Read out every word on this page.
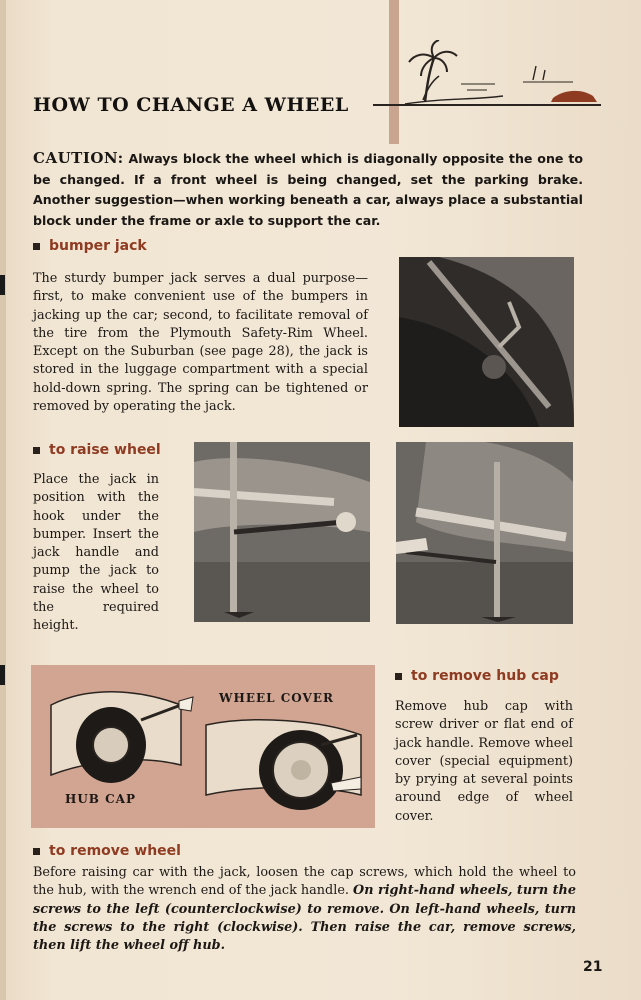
HOW TO CHANGE A WHEEL

CAUTION: Always block the wheel which is diagonally opposite the one to be changed. If a front wheel is being changed, set the parking brake. Another suggestion—when working beneath a car, always place a substantial block under the frame or axle to support the car.

bumper jack

The sturdy bumper jack serves a dual purpose—first, to make convenient use of the bumpers in jacking up the car; second, to facilitate removal of the tire from the Plymouth Safety-Rim Wheel. Except on the Suburban (see page 28), the jack is stored in the luggage compartment with a special hold-down spring. The spring can be tightened or removed by operating the jack.

to raise wheel

Place the jack in position with the hook under the bumper. Insert the jack handle and pump the jack to raise the wheel to the required height.

WHEEL COVER

HUB CAP

to remove hub cap

Remove hub cap with screw driver or flat end of jack handle. Remove wheel cover (special equipment) by prying at several points around edge of wheel cover.

to remove wheel

Before raising car with the jack, loosen the cap screws, which hold the wheel to the hub, with the wrench end of the jack handle. On right-hand wheels, turn the screws to the left (counterclockwise) to remove. On left-hand wheels, turn the screws to the right (clockwise). Then raise the car, remove screws, then lift the wheel off hub.

21
